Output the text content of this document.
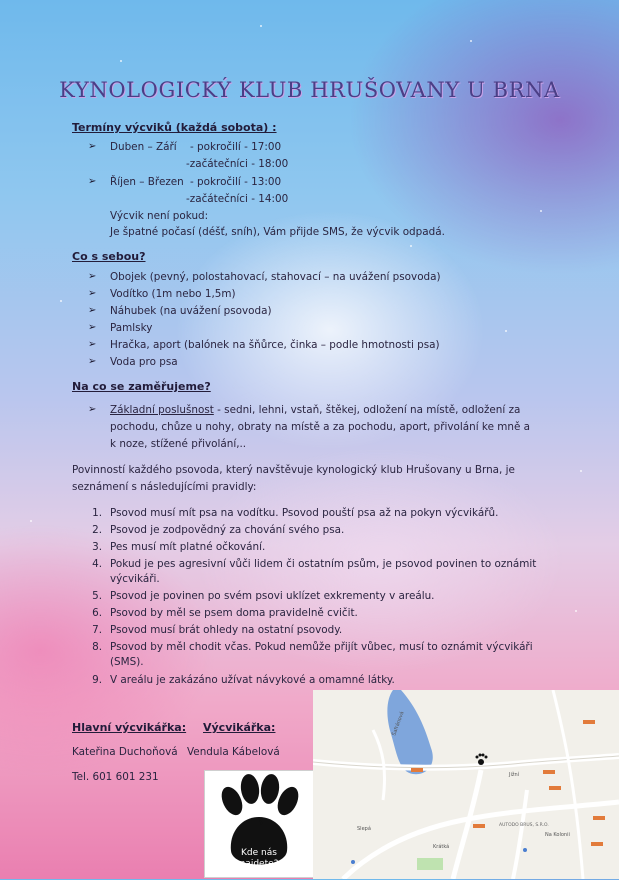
KYNOLOGICKÝ KLUB HRUŠOVANY U BRNA
Termíny výcviků (každá sobota) :
➢ Duben – Září - pokročilí - 17:00
-začátečníci - 18:00
➢ Říjen – Březen - pokročilí - 13:00
-začátečníci - 14:00
Výcvik není pokud:
Je špatné počasí (déšť, sníh), Vám přijde SMS, že výcvik odpadá.
Co s sebou?
➢ Obojek (pevný, polostahovací, stahovací – na uvážení psovoda)
➢ Vodítko (1m nebo 1,5m)
➢ Náhubek (na uvážení psovoda)
➢ Pamlsky
➢ Hračka, aport (balónek na šňůrce, činka – podle hmotnosti psa)
➢ Voda pro psa
Na co se zaměřujeme?
➢ Základní poslušnost - sedni, lehni, vstaň, štěkej, odložení na místě, odložení za
pochodu, chůze u nohy, obraty na místě a za pochodu, aport, přivolání ke mně a
k noze, stížené přivolání,..
Povinností každého psovoda, který navštěvuje kynologický klub Hrušovany u Brna, je
seznámení s následujícími pravidly:
1. Psovod musí mít psa na vodítku. Psovod pouští psa až na pokyn výcvikářů.
2. Psovod je zodpovědný za chování svého psa.
3. Pes musí mít platné očkování.
4. Pokud je pes agresivní vůči lidem či ostatním psům, je psovod povinen to oznámit
výcvikáři.
5. Psovod je povinen po svém psovi uklízet exkrementy v areálu.
6. Psovod by měl se psem doma pravidelně cvičit.
7. Psovod musí brát ohledy na ostatní psovody.
8. Psovod by měl chodit včas. Pokud nemůže přijít vůbec, musí to oznámit výcvikáři
(SMS).
9. V areálu je zakázáno užívat návykové a omamné látky.
Hlavní výcvikářka: Výcvikářka:
Kateřina Duchoňová Vendula Kábelová
Tel. 601 601 231
Kde nás
najdete?
Šafránová
Jižní
Slepá
Krátká
Na Kolonii
AUTODO BRUS, S.R.O.
